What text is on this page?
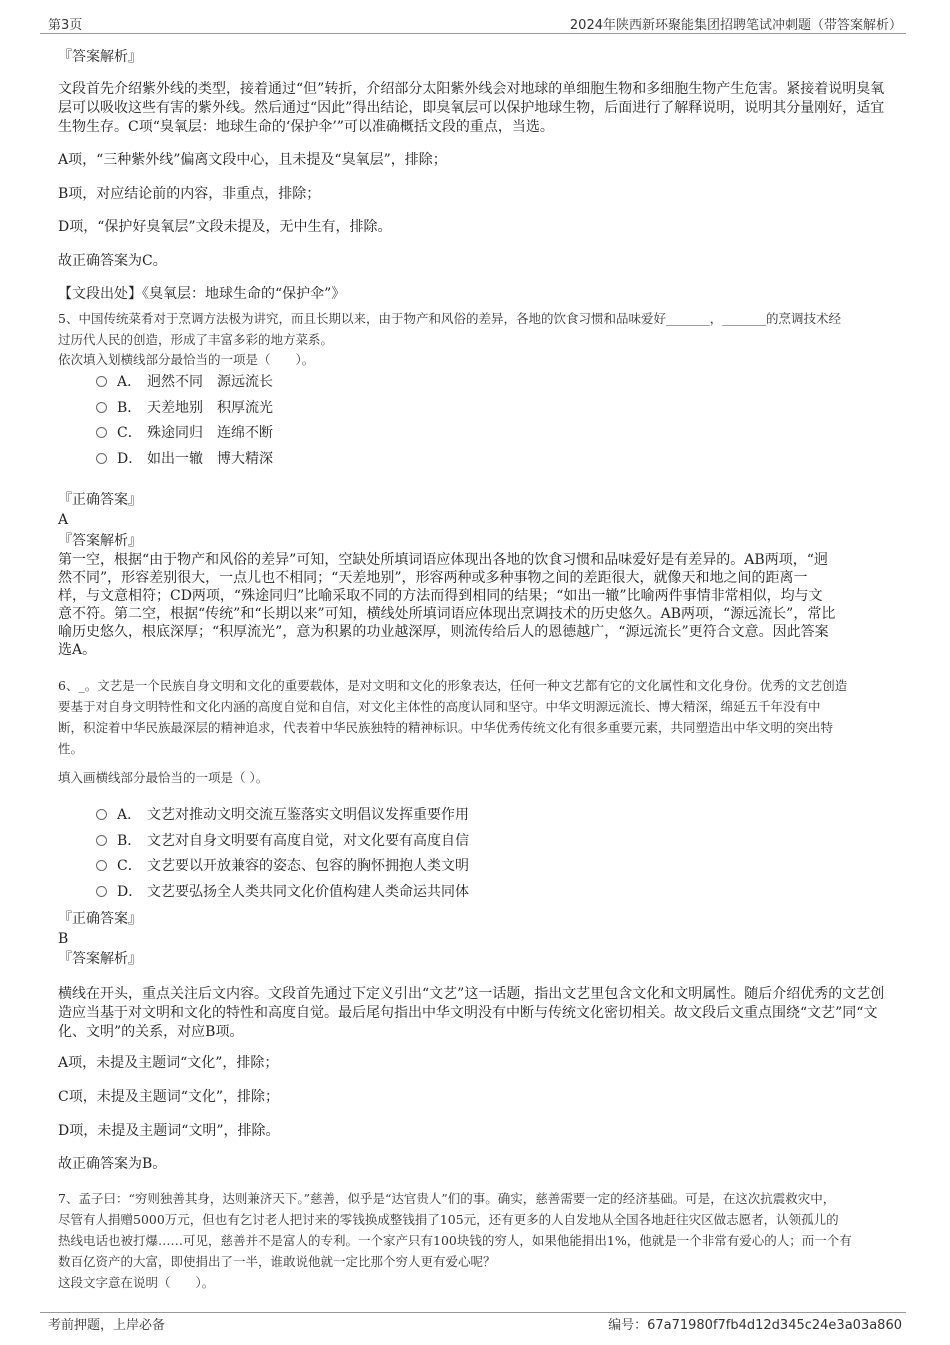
第3页	2024年陕西新环聚能集团招聘笔试冲刺题（带答案解析）
『答案解析』
文段首先介绍紫外线的类型，接着通过“但”转折，介绍部分太阳紫外线会对地球的单细胞生物和多细胞生物产生危害。紧接着说明臭氧层可以吸收这些有害的紫外线。然后通过“因此”得出结论，即臭氧层可以保护地球生物，后面进行了解释说明，说明其分量刚好，适宜生物生存。C项“臭氧层：地球生命的‘保护伞’”可以准确概括文段的重点，当选。
A项，“三种紫外线”偏离文段中心，且未提及“臭氧层”，排除；
B项，对应结论前的内容，非重点，排除；
D项，“保护好臭氧层”文段未提及，无中生有，排除。
故正确答案为C。
【文段出处】《臭氧层：地球生命的“保护伞”》
5、中国传统菜肴对于烹调方法极为讲究，而且长期以来，由于物产和风俗的差异，各地的饮食习惯和品味爱好_______，_______的烹调技术经
过历代人民的创造，形成了丰富多彩的地方菜系。
依次填入划横线部分最恰当的一项是（　　）。
A． 迥然不同　源远流长
B． 天差地别　积厚流光
C． 殊途同归　连绵不断
D． 如出一辙　博大精深
『正确答案』
A
『答案解析』
第一空，根据“由于物产和风俗的差异”可知，空缺处所填词语应体现出各地的饮食习惯和品味爱好是有差异的。AB两项，“迥
然不同”，形容差别很大，一点儿也不相同；“天差地别”，形容两种或多种事物之间的差距很大，就像天和地之间的距离一
样，与文意相符；CD两项，“殊途同归”比喻采取不同的方法而得到相同的结果；“如出一辙”比喻两件事情非常相似，均与文
意不符。第二空，根据“传统”和“长期以来”可知，横线处所填词语应体现出烹调技术的历史悠久。AB两项，“源远流长”，常比
喻历史悠久，根底深厚；“积厚流光”，意为积累的功业越深厚，则流传给后人的恩德越广，“源远流长”更符合文意。因此答案
选A。
6、_。文艺是一个民族自身文明和文化的重要载体，是对文明和文化的形象表达，任何一种文艺都有它的文化属性和文化身份。优秀的文艺创造
要基于对自身文明特性和文化内涵的高度自觉和自信，对文化主体性的高度认同和坚守。中华文明源远流长、博大精深，绵延五千年没有中
断，积淀着中华民族最深层的精神追求，代表着中华民族独特的精神标识。中华优秀传统文化有很多重要元素，共同塑造出中华文明的突出特
性。
填入画横线部分最恰当的一项是（ ）。
A． 文艺对推动文明交流互鉴落实文明倡议发挥重要作用
B． 文艺对自身文明要有高度自觉，对文化要有高度自信
C． 文艺要以开放兼容的姿态、包容的胸怀拥抱人类文明
D． 文艺要弘扬全人类共同文化价值构建人类命运共同体
『正确答案』
B
『答案解析』
横线在开头，重点关注后文内容。文段首先通过下定义引出“文艺”这一话题，指出文艺里包含文化和文明属性。随后介绍优秀的文艺创造应当基于对文明和文化的特性和高度自觉。最后尾句指出中华文明没有中断与传统文化密切相关。故文段后文重点围绕“文艺”同“文化、文明”的关系，对应B项。
A项，未提及主题词“文化”，排除；
C项，未提及主题词“文化”，排除；
D项，未提及主题词“文明”，排除。
故正确答案为B。
7、孟子曰：“穷则独善其身，达则兼济天下。”慈善，似乎是“达官贵人”们的事。确实，慈善需要一定的经济基础。可是，在这次抗震救灾中，
尽管有人捐赠5000万元，但也有乞讨老人把讨来的零钱换成整钱捐了105元，还有更多的人自发地从全国各地赶往灾区做志愿者，认领孤儿的
热线电话也被打爆……可见，慈善并不是富人的专利。一个家产只有100块钱的穷人，如果他能捐出1%，他就是一个非常有爱心的人；而一个有
数百亿资产的大富，即使捐出了一半，谁敢说他就一定比那个穷人更有爱心呢？
这段文字意在说明（　　）。
考前押题，上岸必备	编号：67a71980f7fb4d12d345c24e3a03a860
